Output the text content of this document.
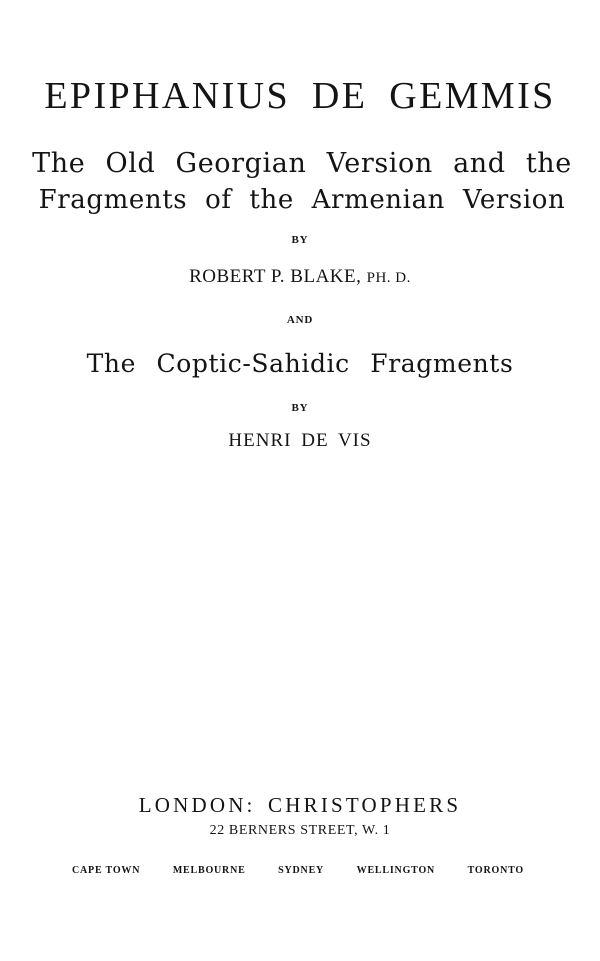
EPIPHANIUS DE GEMMIS
The Old Georgian Version and the
Fragments of the Armenian Version
BY
ROBERT P. BLAKE, PH. D.
AND
The Coptic-Sahidic Fragments
BY
HENRI DE VIS
LONDON: CHRISTOPHERS
22 BERNERS STREET, W. 1
CAPE TOWN	MELBOURNE	SYDNEY	WELLINGTON	TORONTO
